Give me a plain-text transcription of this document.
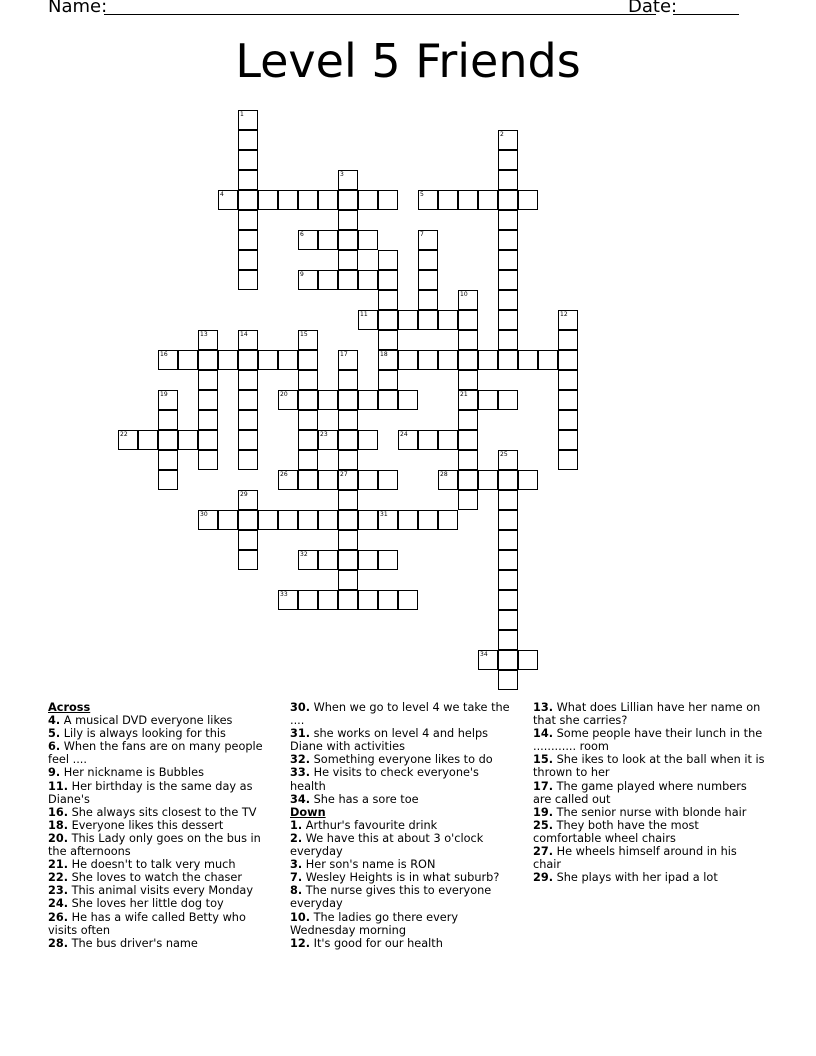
Name:	Date:
Level 5 Friends
1
2
3
4	5
6	7
9
10
21
11	12
13	14	15
16	17	18
19	20
22	23	24
25
26	27	28
29
30	31
32
33
34
Across
4. A musical DVD everyone likes
5. Lily is always looking for this
6. When the fans are on many people feel ....
9. Her nickname is Bubbles
11. Her birthday is the same day as Diane's
16. She always sits closest to the TV
18. Everyone likes this dessert
20. This Lady only goes on the bus in the afternoons
21. He doesn't to talk very much
22. She loves to watch the chaser
23. This animal visits every Monday
24. She loves her little dog toy
26. He has a wife called Betty who visits often
28. The bus driver's name
30. When we go to level 4 we take the ....
31. she works on level 4 and helps Diane with activities
32. Something everyone likes to do
33. He visits to check everyone's health
34. She has a sore toe
Down
1. Arthur's favourite drink
2. We have this at about 3 o'clock everyday
3. Her son's name is RON
7. Wesley Heights is in what suburb?
8. The nurse gives this to everyone everyday
10. The ladies go there every Wednesday morning
12. It's good for our health
13. What does Lillian have her name on that she carries?
14. Some people have their lunch in the ............ room
15. She ikes to look at the ball when it is thrown to her
17. The game played where numbers are called out
19. The senior nurse with blonde hair
25. They both have the most comfortable wheel chairs
27. He wheels himself around in his chair
29. She plays with her ipad a lot
